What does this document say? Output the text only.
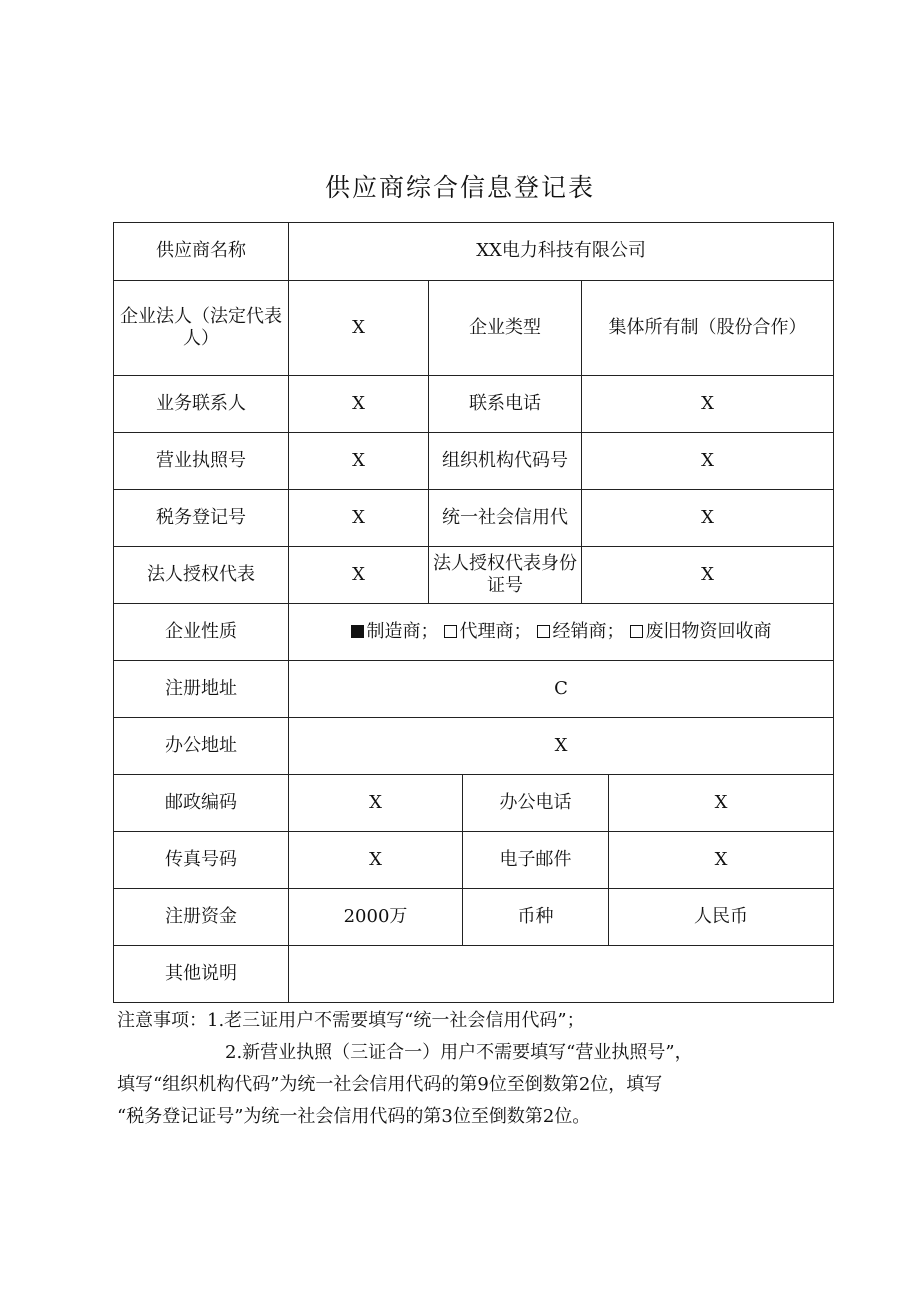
供应商综合信息登记表
供应商名称	XX电力科技有限公司				
企业法人（法定代表人）	X	企业类型		集体所有制（股份合作）	
业务联系人	X	联系电话		X	
营业执照号	X	组织机构代码号		X	
税务登记号	X	统一社会信用代		X	
法人授权代表	X	法人授权代表身份证号		X	
企业性质	制造商； 代理商； 经销商； 废旧物资回收商				
注册地址	C				
办公地址	X				
邮政编码	X		办公电话		X
传真号码	X		电子邮件		X
注册资金	2000万		币种		人民币
其他说明					

注意事项：1.老三证用户不需要填写“统一社会信用代码”；

2.新营业执照（三证合一）用户不需要填写“营业执照号”，

填写“组织机构代码”为统一社会信用代码的第9位至倒数第2位，填写

“税务登记证号”为统一社会信用代码的第3位至倒数第2位。
